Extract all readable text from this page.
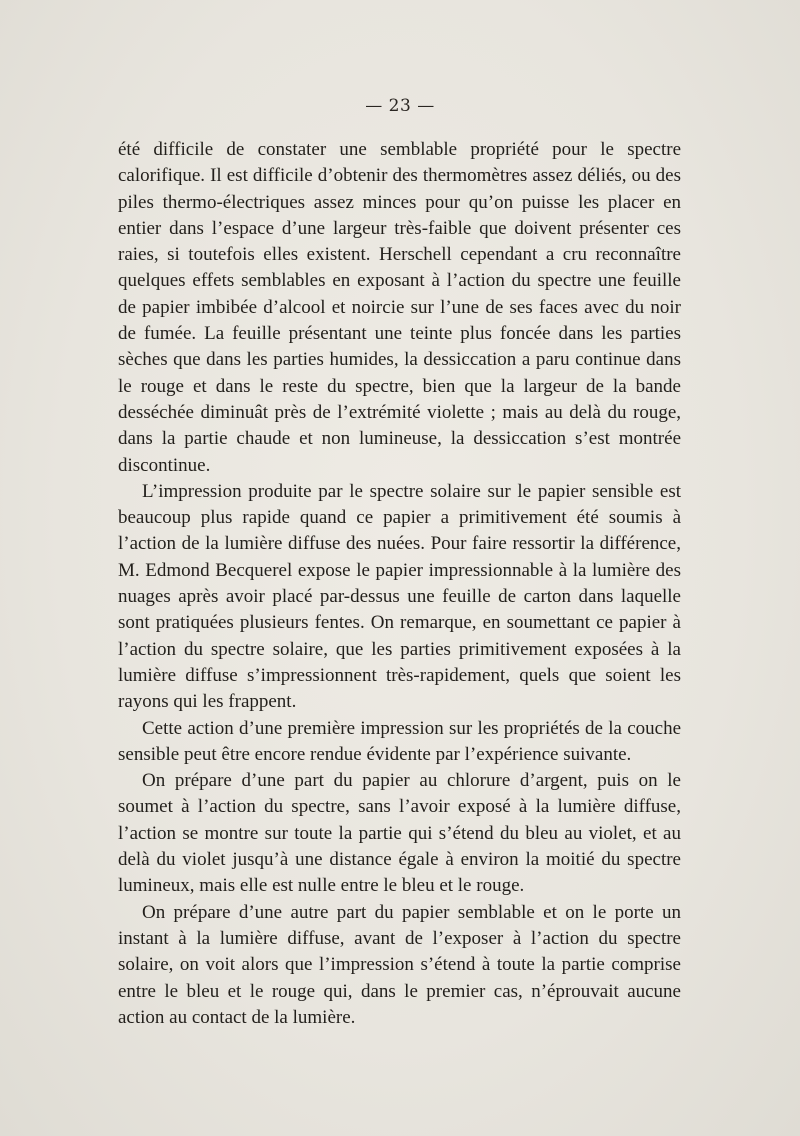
— 23 —

été difficile de constater une semblable propriété pour le spectre calorifique. Il est difficile d’obtenir des thermomètres assez déliés, ou des piles thermo-électriques assez minces pour qu’on puisse les placer en entier dans l’espace d’une largeur très-faible que doivent présenter ces raies, si toutefois elles existent. Herschell cependant a cru reconnaître quelques effets semblables en exposant à l’action du spectre une feuille de papier imbibée d’alcool et noircie sur l’une de ses faces avec du noir de fumée. La feuille présentant une teinte plus foncée dans les parties sèches que dans les parties humides, la dessiccation a paru continue dans le rouge et dans le reste du spectre, bien que la largeur de la bande desséchée diminuât près de l’extrémité violette ; mais au delà du rouge, dans la partie chaude et non lumineuse, la dessiccation s’est montrée discontinue.

L’impression produite par le spectre solaire sur le papier sensible est beaucoup plus rapide quand ce papier a primitivement été soumis à l’action de la lumière diffuse des nuées. Pour faire ressortir la différence, M. Edmond Becquerel expose le papier impressionnable à la lumière des nuages après avoir placé par-dessus une feuille de carton dans laquelle sont pratiquées plusieurs fentes. On remarque, en soumettant ce papier à l’action du spectre solaire, que les parties primitivement exposées à la lumière diffuse s’impressionnent très-rapidement, quels que soient les rayons qui les frappent.

Cette action d’une première impression sur les propriétés de la couche sensible peut être encore rendue évidente par l’expérience suivante.

On prépare d’une part du papier au chlorure d’argent, puis on le soumet à l’action du spectre, sans l’avoir exposé à la lumière diffuse, l’action se montre sur toute la partie qui s’étend du bleu au violet, et au delà du violet jusqu’à une distance égale à environ la moitié du spectre lumineux, mais elle est nulle entre le bleu et le rouge.

On prépare d’une autre part du papier semblable et on le porte un instant à la lumière diffuse, avant de l’exposer à l’action du spectre solaire, on voit alors que l’impression s’étend à toute la partie comprise entre le bleu et le rouge qui, dans le premier cas, n’éprouvait aucune action au contact de la lumière.
